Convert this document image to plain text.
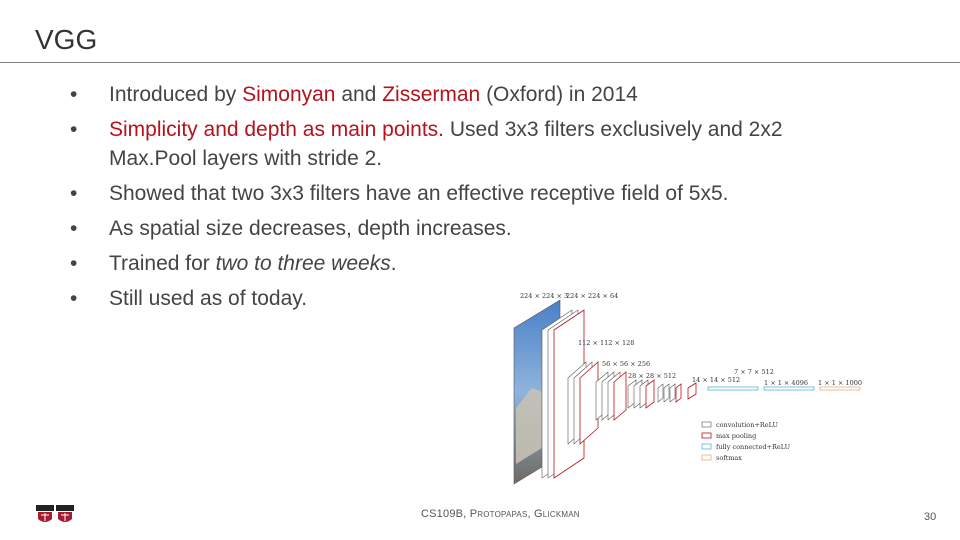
VGG
• Introduced by Simonyan and Zisserman (Oxford) in 2014
• Simplicity and depth as main points. Used 3x3 filters exclusively and 2x2 Max.Pool layers with stride 2.
• Showed that two 3x3 filters have an effective receptive field of 5x5.
• As spatial size decreases, depth increases.
• Trained for two to three weeks.
• Still used as of today.	224 × 224 × 3
224 × 224 × 64
112 × 112 × 128
56 × 56 × 256
28 × 28 × 512 14 × 14 × 512
7 × 7 × 512
1 × 1 × 4096 1 × 1 × 1000
convolution+ReLU
max pooling
fully connected+ReLU
softmax
CS109B, PROTOPAPAS, GLICKMAN	30
